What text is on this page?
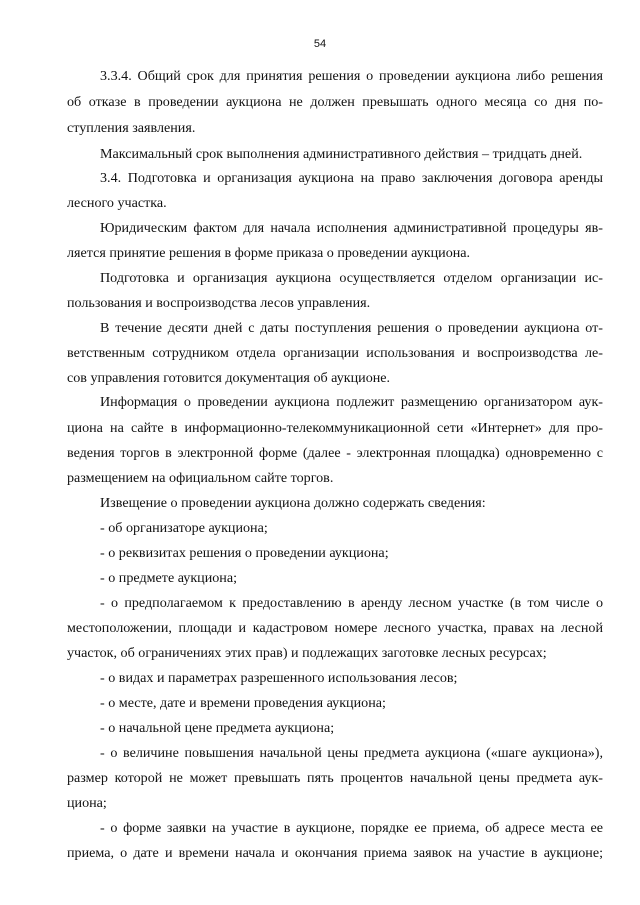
54
3.3.4. Общий срок для принятия решения о проведении аукциона либо решения
об отказе в проведении аукциона не должен превышать одного месяца со дня по-
ступления заявления.
Максимальный срок выполнения административного действия – тридцать дней.
3.4. Подготовка и организация аукциона на право заключения договора аренды
лесного участка.
Юридическим фактом для начала исполнения административной процедуры яв-
ляется принятие решения в форме приказа о проведении аукциона.
Подготовка и организация аукциона осуществляется отделом организации ис-
пользования и воспроизводства лесов управления.
В течение десяти дней с даты поступления решения о проведении аукциона от-
ветственным сотрудником отдела организации использования и воспроизводства ле-
сов управления готовится документация об аукционе.
Информация о проведении аукциона подлежит размещению организатором аук-
циона на сайте в информационно-телекоммуникационной сети «Интернет» для про-
ведения торгов в электронной форме (далее - электронная площадка) одновременно с
размещением на официальном сайте торгов.
Извещение о проведении аукциона должно содержать сведения:
- об организаторе аукциона;
- о реквизитах решения о проведении аукциона;
- о предмете аукциона;
- о предполагаемом к предоставлению в аренду лесном участке (в том числе о
местоположении, площади и кадастровом номере лесного участка, правах на лесной
участок, об ограничениях этих прав) и подлежащих заготовке лесных ресурсах;
- о видах и параметрах разрешенного использования лесов;
- о месте, дате и времени проведения аукциона;
- о начальной цене предмета аукциона;
- о величине повышения начальной цены предмета аукциона («шаге аукциона»),
размер которой не может превышать пять процентов начальной цены предмета аук-
циона;
- о форме заявки на участие в аукционе, порядке ее приема, об адресе места ее
приема, о дате и времени начала и окончания приема заявок на участие в аукционе;
